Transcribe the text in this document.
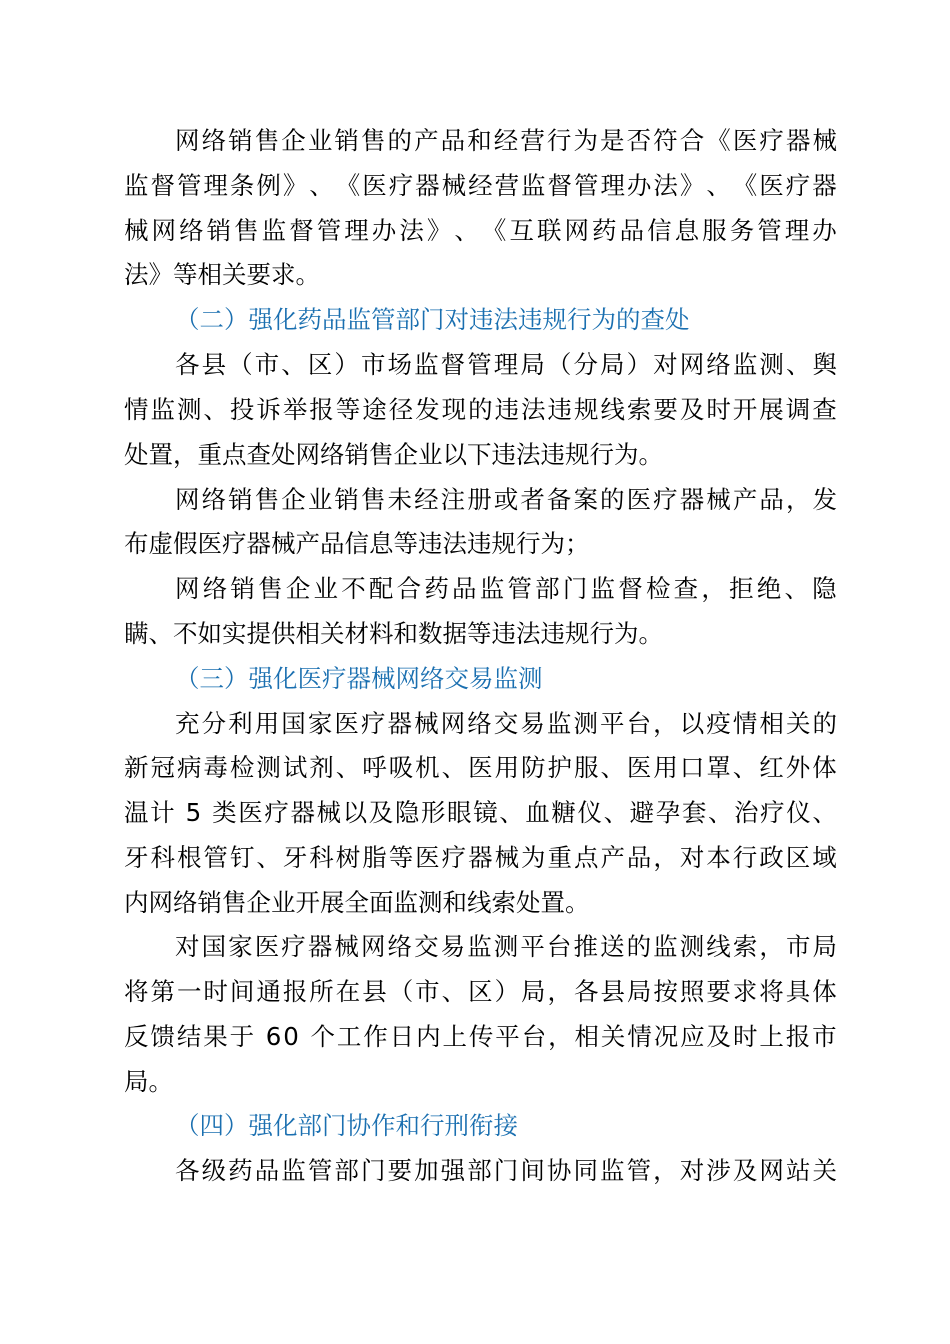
网 络 销 售 企 业 销 售 的 产 品 和 经 营 行 为 是 否 符 合 《 医 疗 器 械
监 督 管 理 条 例 》 、 《 医 疗 器 械 经 营 监 督 管 理 办 法 》 、 《 医 疗 器
械 网 络 销 售 监 督 管 理 办 法 》 、 《 互 联 网 药 品 信 息 服 务 管 理 办
法》等相关要求。
（二）强化药品监管部门对违法违规行为的查处
各 县 （ 市 、 区 ） 市 场 监 督 管 理 局 （ 分 局 ） 对 网 络 监 测 、 舆
情 监 测 、 投 诉 举 报 等 途 径 发 现 的 违 法 违 规 线 索 要 及 时 开 展 调 查
处置，重点查处网络销售企业以下违法违规行为。
网 络 销 售 企 业 销 售 未 经 注 册 或 者 备 案 的 医 疗 器 械 产 品 ， 发
布虚假医疗器械产品信息等违法违规行为；
网 络 销 售 企 业 不 配 合 药 品 监 管 部 门 监 督 检 查 ， 拒 绝 、 隐
瞒、不如实提供相关材料和数据等违法违规行为。
（三）强化医疗器械网络交易监测
充 分 利 用 国 家 医 疗 器 械 网 络 交 易 监 测 平 台 ， 以 疫 情 相 关 的
新 冠 病 毒 检 测 试 剂 、 呼 吸 机 、 医 用 防 护 服 、 医 用 口 罩 、 红 外 体
温 计
5
类 医 疗 器 械 以 及 隐 形 眼 镜 、 血 糖 仪 、 避 孕 套 、 治 疗 仪 、
牙 科 根 管 钉 、 牙 科 树 脂 等 医 疗 器 械 为 重 点 产 品 ， 对 本 行 政 区 域
内网络销售企业开展全面监测和线索处置。
对 国 家 医 疗 器 械 网 络 交 易 监 测 平 台 推 送 的 监 测 线 索 ， 市 局
将 第 一 时 间 通 报 所 在 县 （ 市 、 区 ） 局 ， 各 县 局 按 照 要 求 将 具 体
反 馈 结 果 于
6 0
个 工 作 日 内 上 传 平 台 ， 相 关 情 况 应 及 时 上 报 市
局。
（四）强化部门协作和行刑衔接
各 级 药 品 监 管 部 门 要 加 强 部 门 间 协 同 监 管 ， 对 涉 及 网 站 关
